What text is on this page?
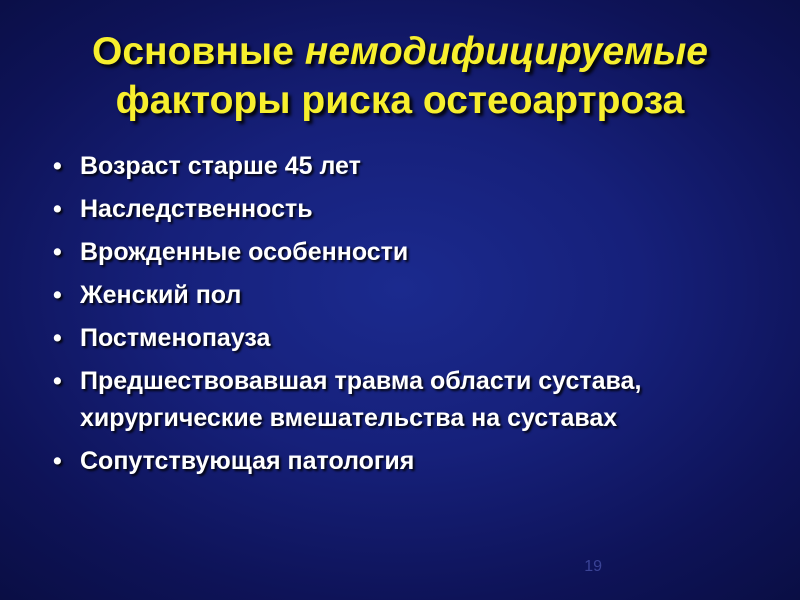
Основные немодифицируемые
факторы риска остеоартроза
• Возраст старше 45 лет
• Наследственность
• Врожденные особенности
• Женский пол
• Постменопауза
• Предшествовавшая травма области сустава, хирургические вмешательства на суставах
• Сопутствующая патология
19
